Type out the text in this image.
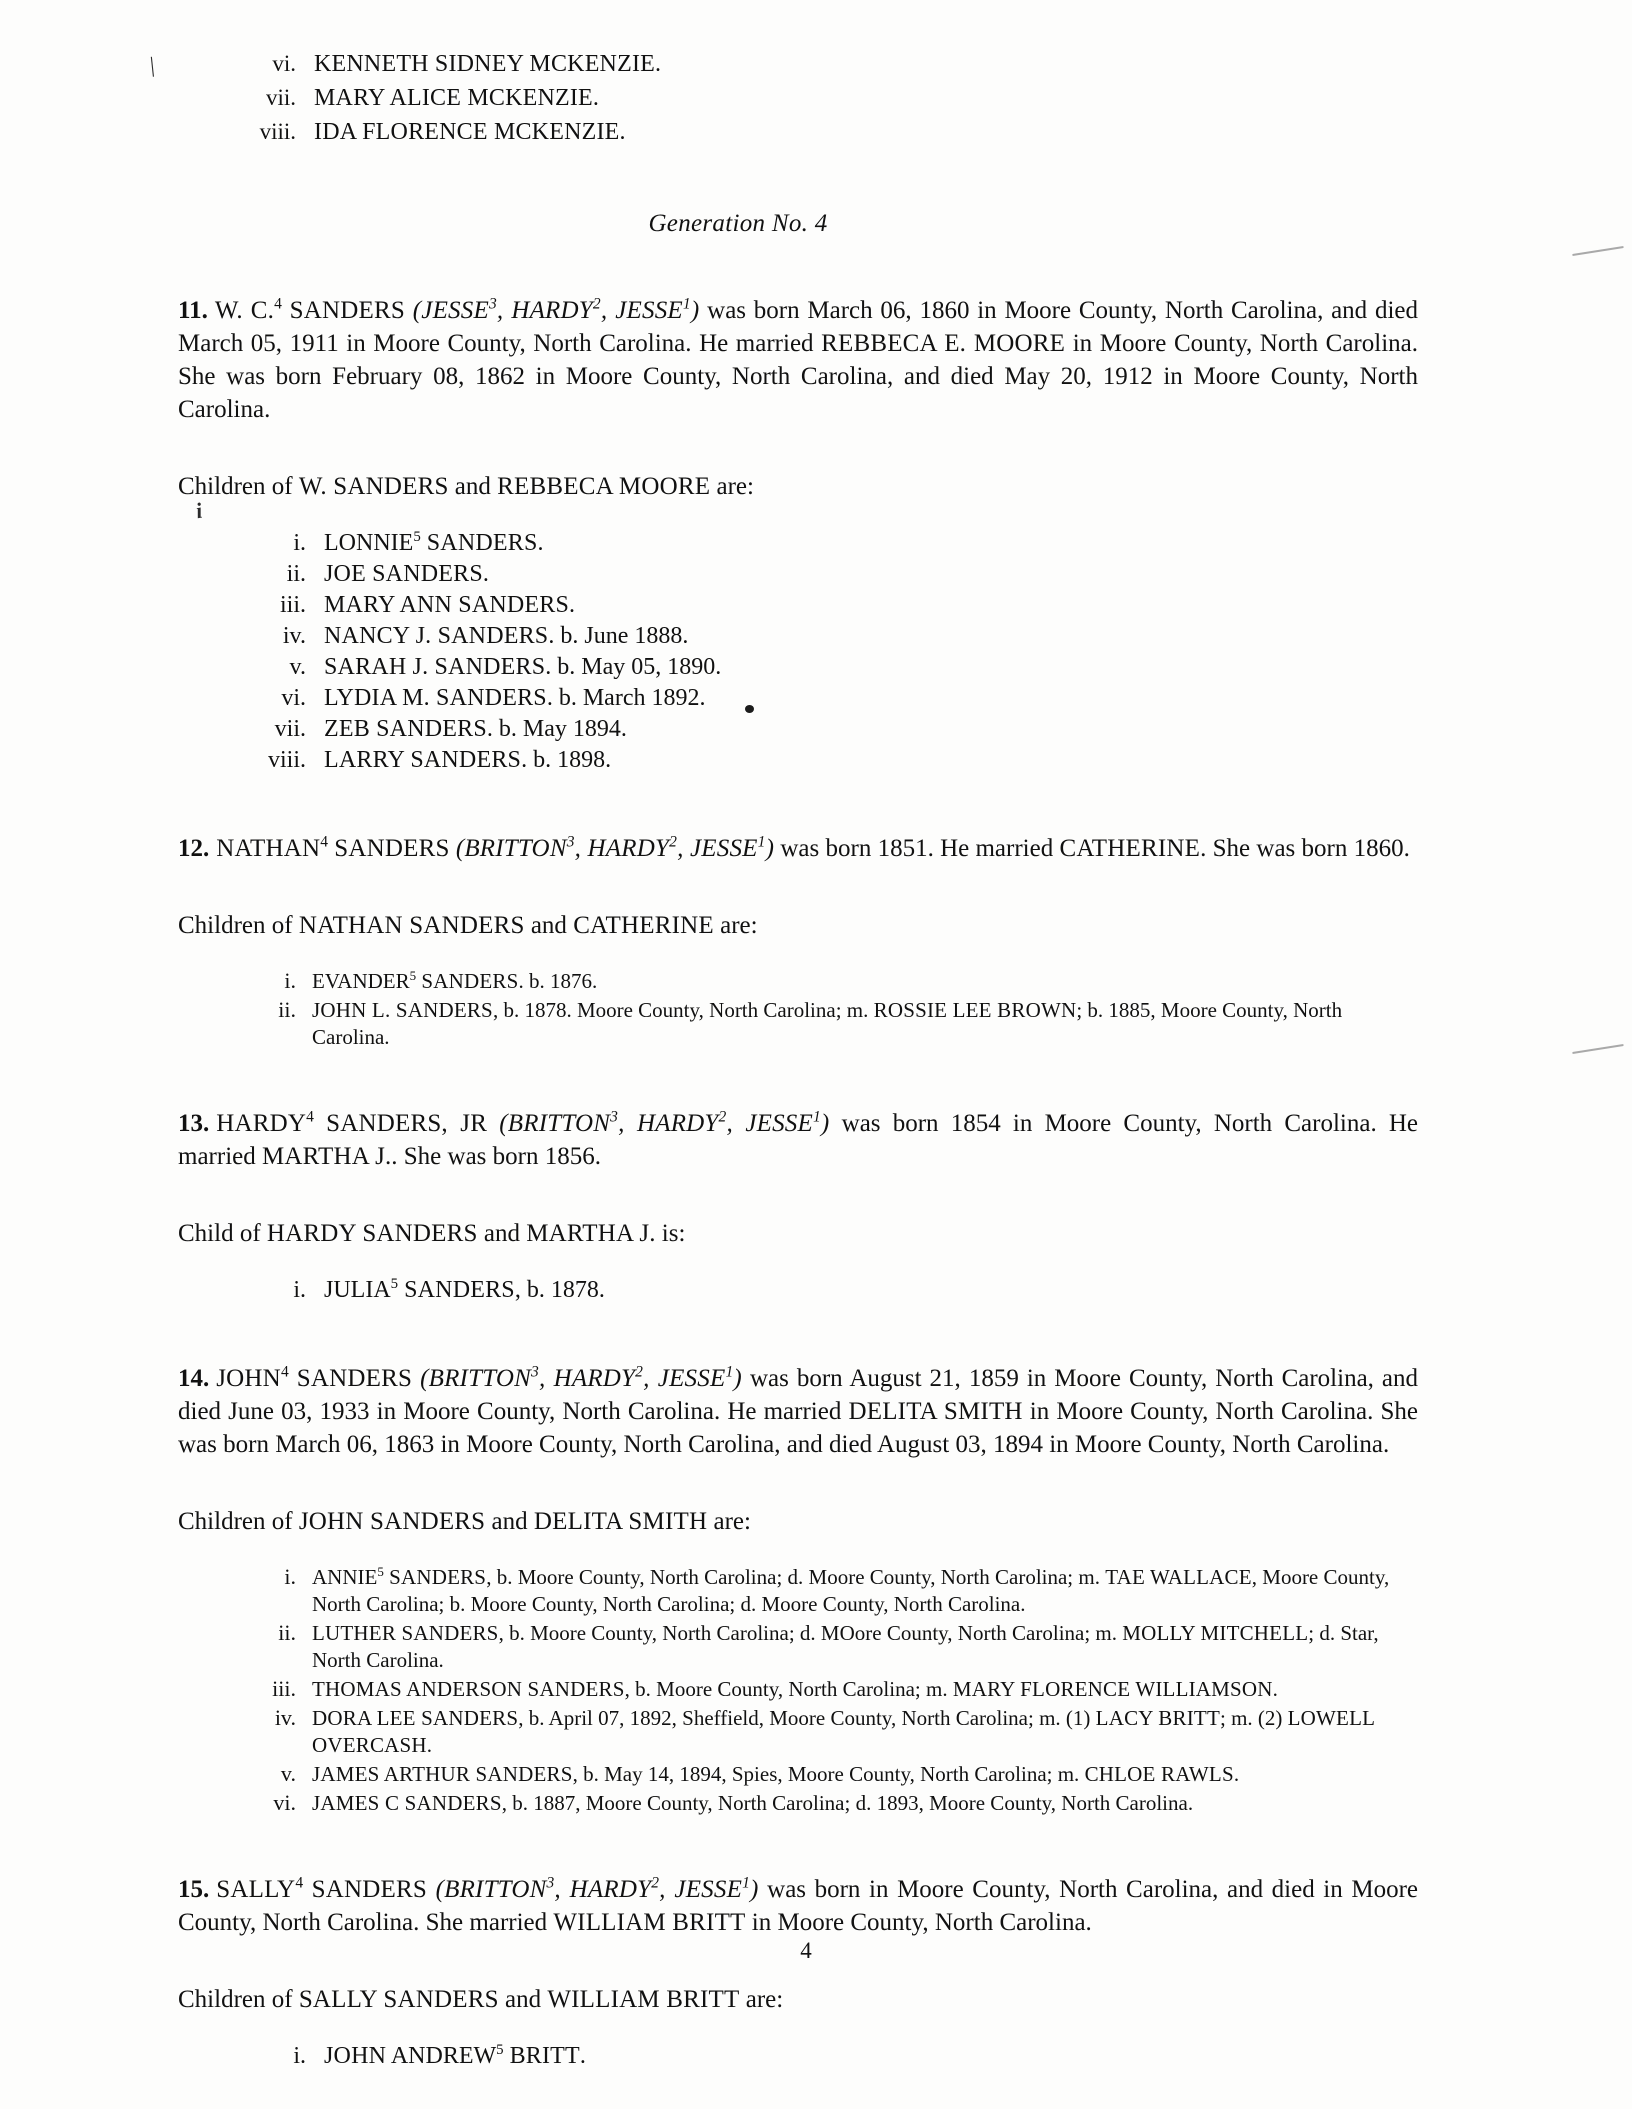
|
i
vi. KENNETH SIDNEY MCKENZIE.
vii. MARY ALICE MCKENZIE.
viii. IDA FLORENCE MCKENZIE.
Generation No. 4

11. W. C.$^4$ SANDERS (JESSE$^3$, HARDY$^2$, JESSE$^1$) was born March 06, 1860 in Moore County, North Carolina, and died March 05, 1911 in Moore County, North Carolina. He married REBBECA E. MOORE in Moore County, North Carolina. She was born February 08, 1862 in Moore County, North Carolina, and died May 20, 1912 in Moore County, North Carolina.

Children of W. SANDERS and REBBECA MOORE are:

i. LONNIE$^5$ SANDERS.
ii. JOE SANDERS.
iii. MARY ANN SANDERS.
iv. NANCY J. SANDERS. b. June 1888.
v. SARAH J. SANDERS. b. May 05, 1890.
vi. LYDIA M. SANDERS. b. March 1892.
vii. ZEB SANDERS. b. May 1894.
viii. LARRY SANDERS. b. 1898.

12. NATHAN$^4$ SANDERS (BRITTON$^3$, HARDY$^2$, JESSE$^1$) was born 1851. He married CATHERINE. She was born 1860.

Children of NATHAN SANDERS and CATHERINE are:

i. EVANDER$^5$ SANDERS. b. 1876.
ii. JOHN L. SANDERS, b. 1878. Moore County, North Carolina; m. ROSSIE LEE BROWN; b. 1885, Moore County, North Carolina.

13. HARDY$^4$ SANDERS, JR (BRITTON$^3$, HARDY$^2$, JESSE$^1$) was born 1854 in Moore County, North Carolina. He married MARTHA J.. She was born 1856.

Child of HARDY SANDERS and MARTHA J. is:

i. JULIA$^5$ SANDERS, b. 1878.

14. JOHN$^4$ SANDERS (BRITTON$^3$, HARDY$^2$, JESSE$^1$) was born August 21, 1859 in Moore County, North Carolina, and died June 03, 1933 in Moore County, North Carolina. He married DELITA SMITH in Moore County, North Carolina. She was born March 06, 1863 in Moore County, North Carolina, and died August 03, 1894 in Moore County, North Carolina.

Children of JOHN SANDERS and DELITA SMITH are:

i. ANNIE$^5$ SANDERS, b. Moore County, North Carolina; d. Moore County, North Carolina; m. TAE WALLACE, Moore County, North Carolina; b. Moore County, North Carolina; d. Moore County, North Carolina.
ii. LUTHER SANDERS, b. Moore County, North Carolina; d. MOore County, North Carolina; m. MOLLY MITCHELL; d. Star, North Carolina.
iii. THOMAS ANDERSON SANDERS, b. Moore County, North Carolina; m. MARY FLORENCE WILLIAMSON.
iv. DORA LEE SANDERS, b. April 07, 1892, Sheffield, Moore County, North Carolina; m. (1) LACY BRITT; m. (2) LOWELL OVERCASH.
v. JAMES ARTHUR SANDERS, b. May 14, 1894, Spies, Moore County, North Carolina; m. CHLOE RAWLS.
vi. JAMES C SANDERS, b. 1887, Moore County, North Carolina; d. 1893, Moore County, North Carolina.

15. SALLY$^4$ SANDERS (BRITTON$^3$, HARDY$^2$, JESSE$^1$) was born in Moore County, North Carolina, and died in Moore County, North Carolina. She married WILLIAM BRITT in Moore County, North Carolina.

Children of SALLY SANDERS and WILLIAM BRITT are:

i. JOHN ANDREW$^5$ BRITT.
4
